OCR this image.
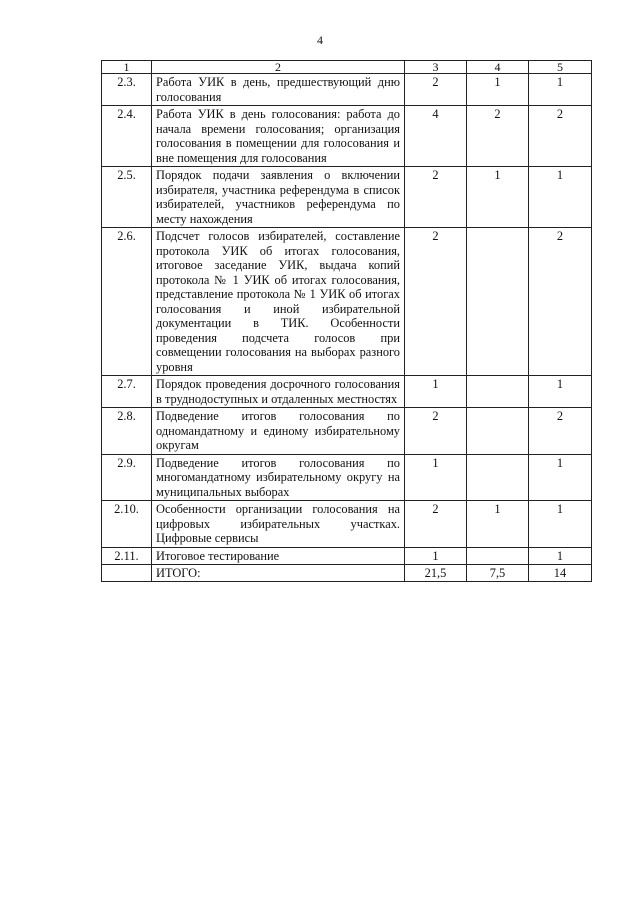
4
1	2	3	4	5
2.3.	Работа УИК в день, предшествующий дню голосования	2	1	1
2.4.	Работа УИК в день голосования: работа до начала времени голосования; организация голосования в помещении для голосования и вне помещения для голосования	4	2	2
2.5.	Порядок подачи заявления о включении избирателя, участника референдума в список избирателей, участников референдума по месту нахождения	2	1	1
2.6.	Подсчет голосов избирателей, составление протокола УИК об итогах голосования, итоговое заседание УИК, выдача копий протокола № 1 УИК об итогах голосования, представление протокола № 1 УИК об итогах голосования и иной избирательной документации в ТИК. Особенности проведения подсчета голосов при совмещении голосования на выборах разного уровня	2		2
2.7.	Порядок проведения досрочного голосования в труднодоступных и отдаленных местностях	1		1
2.8.	Подведение итогов голосования по одномандатному и единому избирательному округам	2		2
2.9.	Подведение итогов голосования по многомандатному избирательному округу на муниципальных выборах	1		1
2.10.	Особенности организации голосования на цифровых избирательных участках. Цифровые сервисы	2	1	1
2.11.	Итоговое тестирование	1		1
	ИТОГО:	21,5	7,5	14
